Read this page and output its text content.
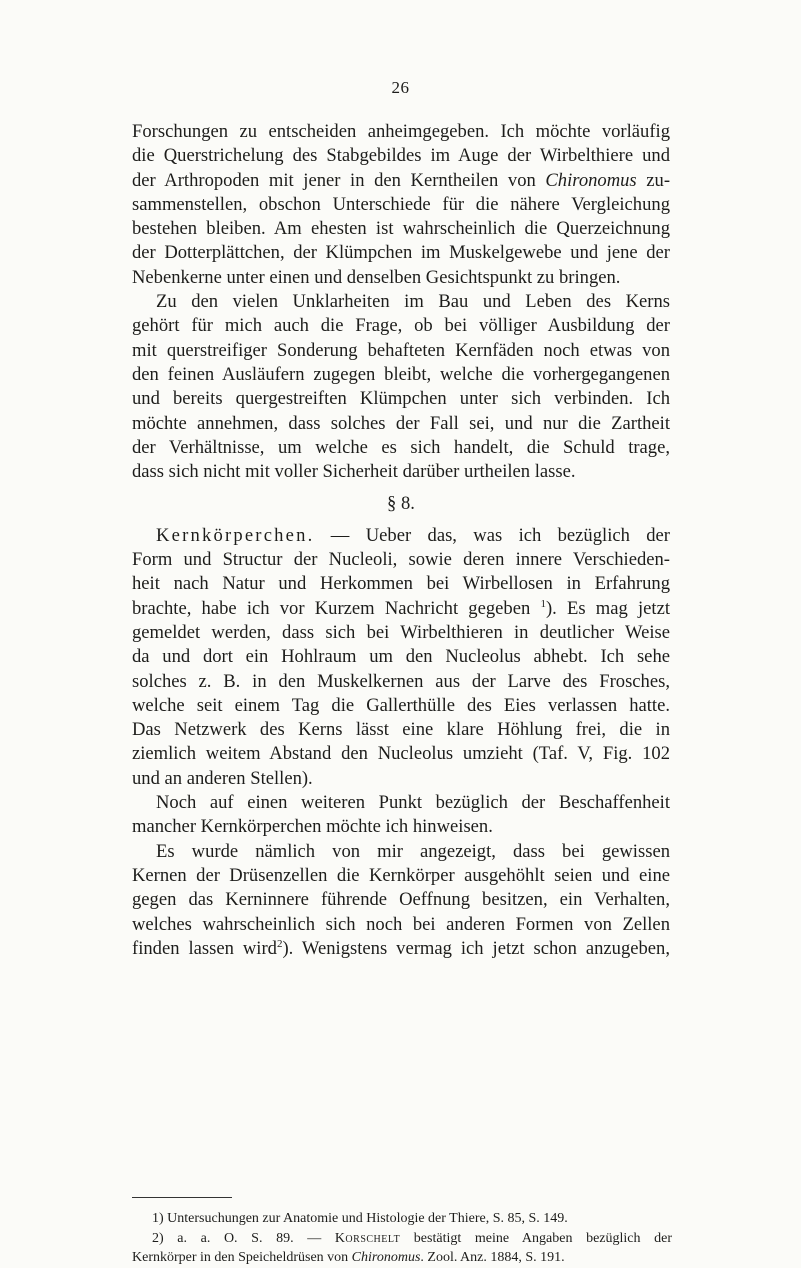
26
Forschungen zu entscheiden anheimgegeben. Ich möchte vorläufig
die Querstrichelung des Stabgebildes im Auge der Wirbelthiere und
der Arthropoden mit jener in den Kerntheilen von Chironomus zu-
sammenstellen, obschon Unterschiede für die nähere Vergleichung
bestehen bleiben. Am ehesten ist wahrscheinlich die Querzeichnung
der Dotterplättchen, der Klümpchen im Muskelgewebe und jene der
Nebenkerne unter einen und denselben Gesichtspunkt zu bringen.
Zu den vielen Unklarheiten im Bau und Leben des Kerns
gehört für mich auch die Frage, ob bei völliger Ausbildung der
mit querstreifiger Sonderung behafteten Kernfäden noch etwas von
den feinen Ausläufern zugegen bleibt, welche die vorhergegangenen
und bereits quergestreiften Klümpchen unter sich verbinden. Ich
möchte annehmen, dass solches der Fall sei, und nur die Zartheit
der Verhältnisse, um welche es sich handelt, die Schuld trage,
dass sich nicht mit voller Sicherheit darüber urtheilen lasse.
§ 8.
Kernkörperchen. — Ueber das, was ich bezüglich der
Form und Structur der Nucleoli, sowie deren innere Verschieden-
heit nach Natur und Herkommen bei Wirbellosen in Erfahrung
brachte, habe ich vor Kurzem Nachricht gegeben $^1$). Es mag jetzt
gemeldet werden, dass sich bei Wirbelthieren in deutlicher Weise
da und dort ein Hohlraum um den Nucleolus abhebt. Ich sehe
solches z. B. in den Muskelkernen aus der Larve des Frosches,
welche seit einem Tag die Gallerthülle des Eies verlassen hatte.
Das Netzwerk des Kerns lässt eine klare Höhlung frei, die in
ziemlich weitem Abstand den Nucleolus umzieht (Taf. V, Fig. 102
und an anderen Stellen).
Noch auf einen weiteren Punkt bezüglich der Beschaffenheit
mancher Kernkörperchen möchte ich hinweisen.
Es wurde nämlich von mir angezeigt, dass bei gewissen
Kernen der Drüsenzellen die Kernkörper ausgehöhlt seien und eine
gegen das Kerninnere führende Oeffnung besitzen, ein Verhalten,
welches wahrscheinlich sich noch bei anderen Formen von Zellen
finden lassen wird$^2$). Wenigstens vermag ich jetzt schon anzugeben,
1) Untersuchungen zur Anatomie und Histologie der Thiere, S. 85, S. 149.
2) a. a. O. S. 89. — Korschelt bestätigt meine Angaben bezüglich der
Kernkörper in den Speicheldrüsen von Chironomus. Zool. Anz. 1884, S. 191.
